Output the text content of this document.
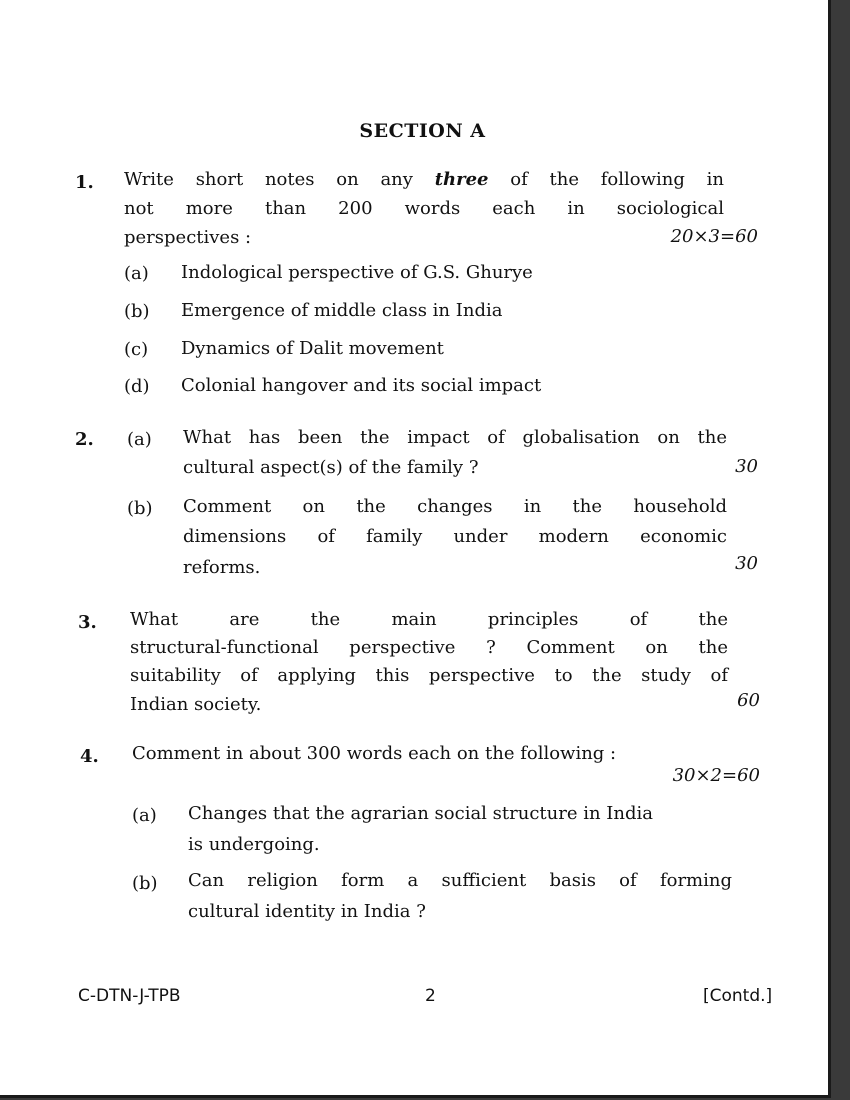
SECTION A
1. Write short notes on any three of the following in
not more than 200 words each in sociological
perspectives :	20×3=60
(a) Indological perspective of G.S. Ghurye
(b) Emergence of middle class in India
(c) Dynamics of Dalit movement
(d) Colonial hangover and its social impact
2. (a) What has been the impact of globalisation on the
cultural aspect(s) of the family ?	30
(b) Comment on the changes in the household
dimensions of family under modern economic
reforms.	30
3. What are the main principles of the
structural-functional perspective ? Comment on the
suitability of applying this perspective to the study of
Indian society.	60
4. Comment in about 300 words each on the following :
30×2=60
(a) Changes that the agrarian social structure in India
is undergoing.
(b) Can religion form a sufficient basis of forming
cultural identity in India ?
C-DTN-J-TPB	2	[Contd.]
